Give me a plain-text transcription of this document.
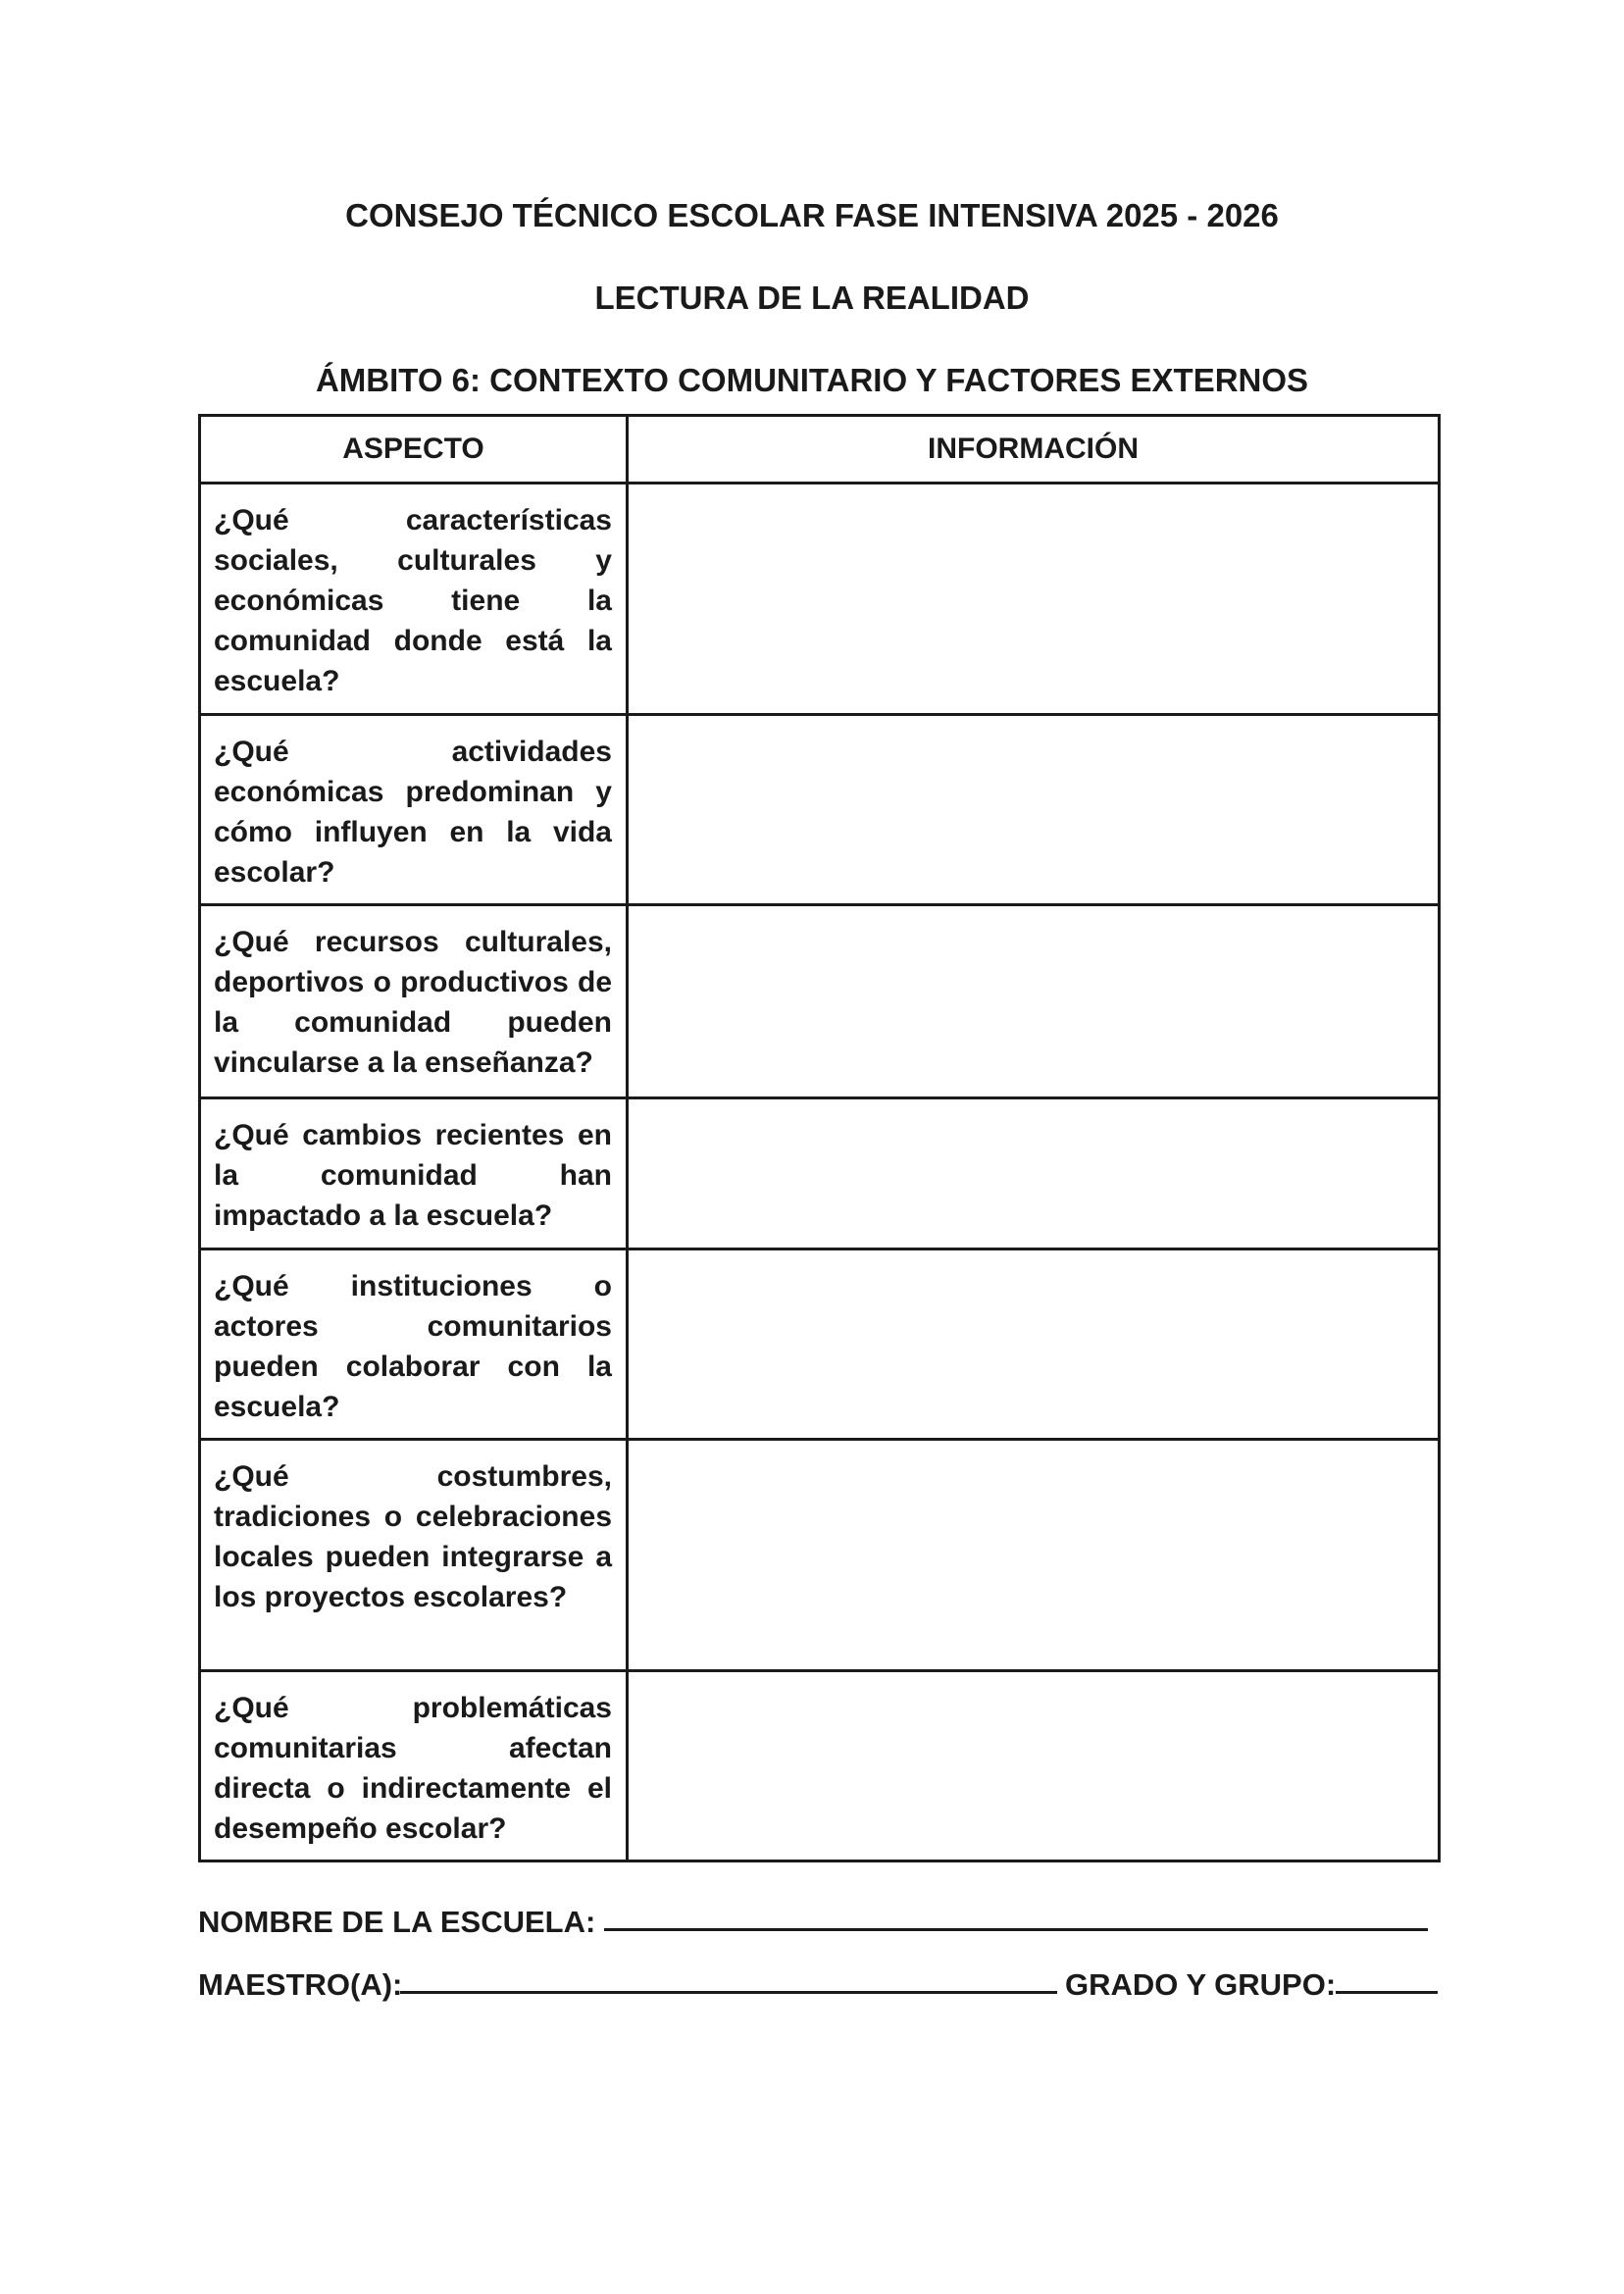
CONSEJO TÉCNICO ESCOLAR FASE INTENSIVA 2025 - 2026
LECTURA DE LA REALIDAD
ÁMBITO 6: CONTEXTO COMUNITARIO Y FACTORES EXTERNOS
ASPECTO	INFORMACIÓN
¿Qué características sociales, culturales y económicas tiene la comunidad donde está la escuela?	
¿Qué actividades económicas predominan y cómo influyen en la vida escolar?	
¿Qué recursos culturales, deportivos o productivos de la comunidad pueden vincularse a la enseñanza?	
¿Qué cambios recientes en la comunidad han impactado a la escuela?	
¿Qué instituciones o actores comunitarios pueden colaborar con la escuela?	
¿Qué costumbres, tradiciones o celebraciones locales pueden integrarse a los proyectos escolares?	
¿Qué problemáticas comunitarias afectan directa o indirectamente el desempeño escolar?	
NOMBRE DE LA ESCUELA:
MAESTRO(A):	GRADO Y GRUPO:
